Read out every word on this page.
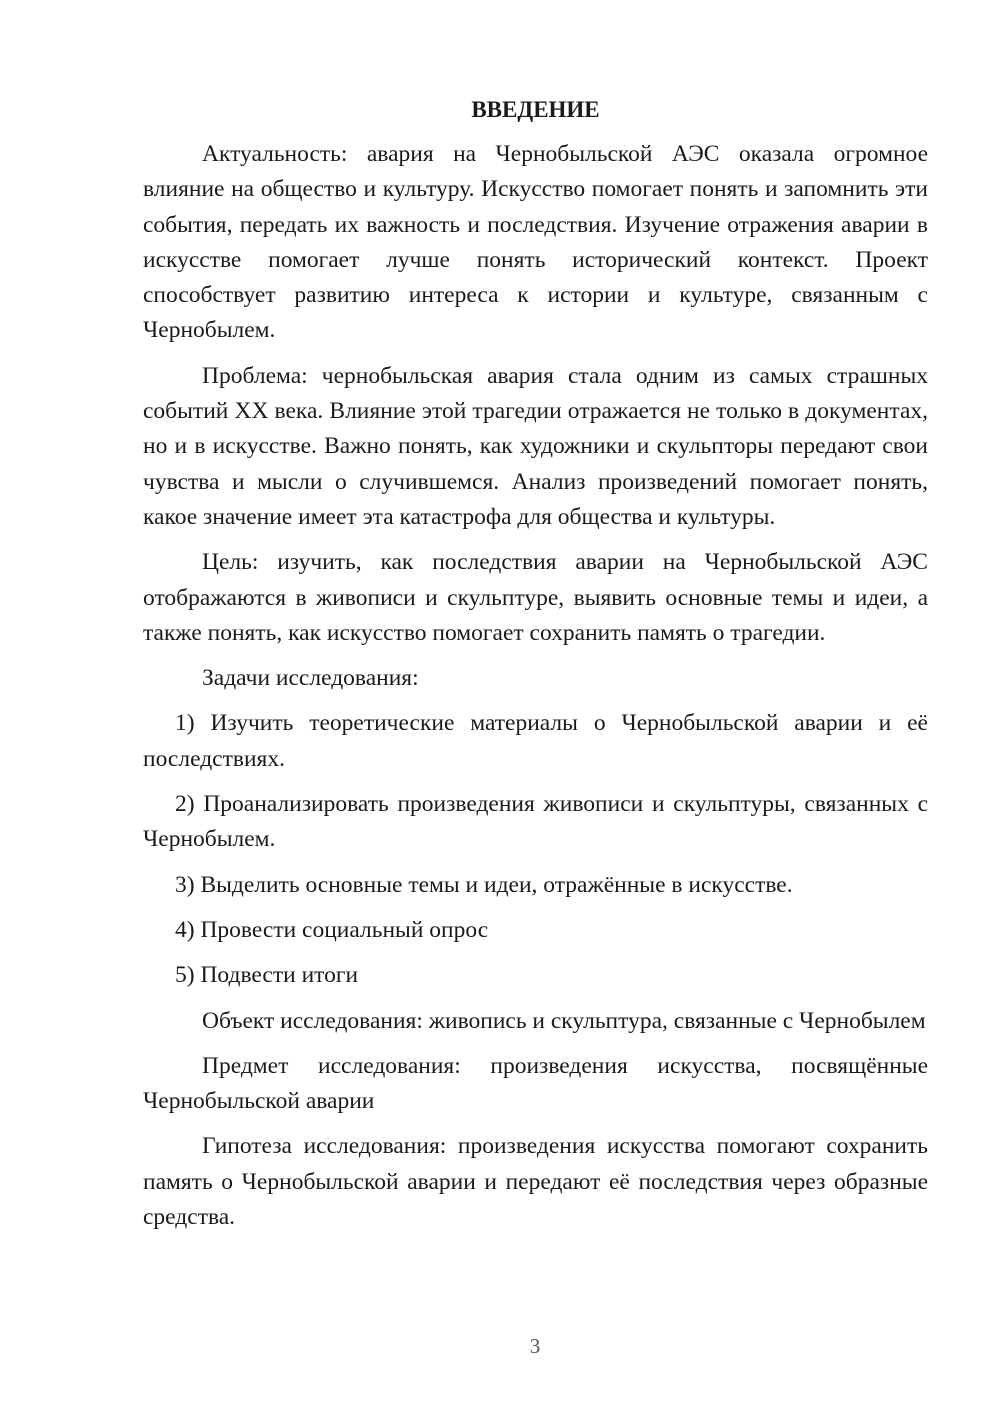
ВВЕДЕНИЕ

Актуальность: авария на Чернобыльской АЭС оказала огромное влияние на общество и культуру. Искусство помогает понять и запомнить эти события, передать их важность и последствия. Изучение отражения аварии в искусстве помогает лучше понять исторический контекст. Проект способствует развитию интереса к истории и культуре, связанным с Чернобылем.

Проблема: чернобыльская авария стала одним из самых страшных событий XX века. Влияние этой трагедии отражается не только в документах, но и в искусстве. Важно понять, как художники и скульпторы передают свои чувства и мысли о случившемся. Анализ произведений помогает понять, какое значение имеет эта катастрофа для общества и культуры.

Цель: изучить, как последствия аварии на Чернобыльской АЭС отображаются в живописи и скульптуре, выявить основные темы и идеи, а также понять, как искусство помогает сохранить память о трагедии.

Задачи исследования:

1) Изучить теоретические материалы о Чернобыльской аварии и её последствиях.

2) Проанализировать произведения живописи и скульптуры, связанных с Чернобылем.

3) Выделить основные темы и идеи, отражённые в искусстве.

4) Провести социальный опрос

5) Подвести итоги

Объект исследования: живопись и скульптура, связанные с Чернобылем

Предмет исследования: произведения искусства, посвящённые Чернобыльской аварии

Гипотеза исследования: произведения искусства помогают сохранить память о Чернобыльской аварии и передают её последствия через образные средства.

3
